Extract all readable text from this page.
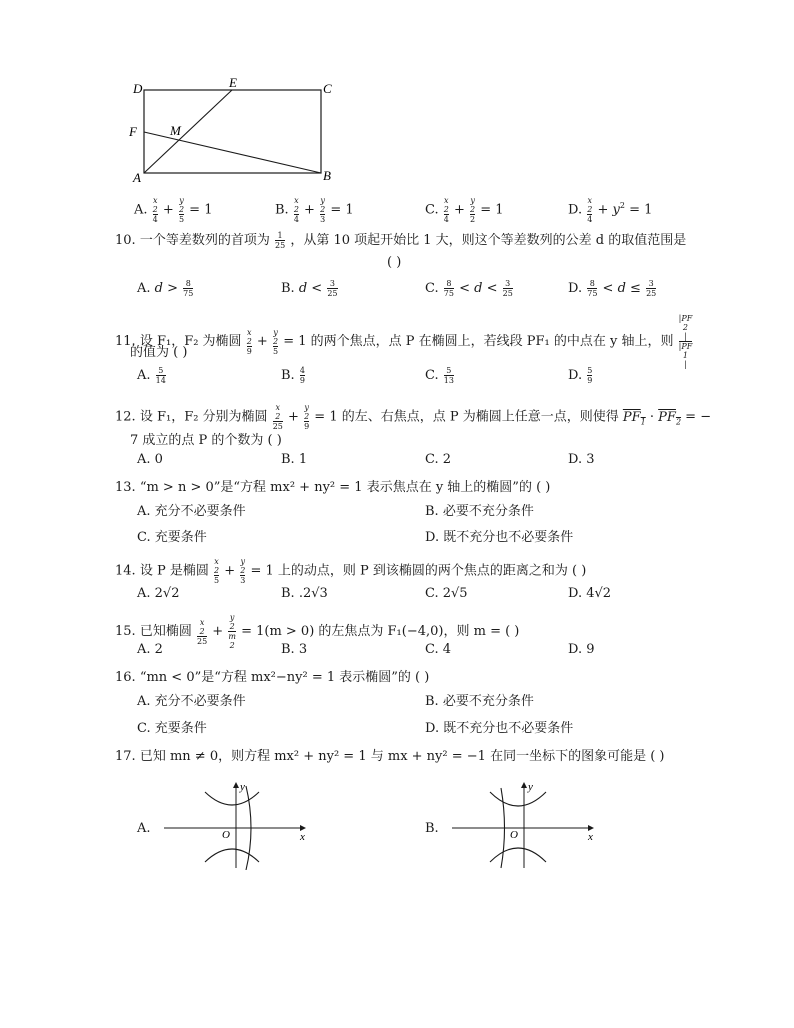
D	E	C
F	M
A	B
A. x
2
4 + y
2
5 = 1	B. x
2
4 + y
2
3 = 1	C. x
2
4 + y
2
2 = 1	D. x
2
$4 + y^2 = 1$
10. 一个等差数列的首项为 $\frac{1}{25}$ ，从第 10 项起开始比 1 大，则这个等差数列的公差 d 的取值范围是
( )
A. $d > \frac{8}{75}$	B. $d < \frac{3}{25}$	C. $\frac{8}{75} < d < \frac{3}{25}$	D. $\frac{8}{75} < d \le \frac{3}{25}$
11. 设 F₁，F₂ 为椭圆 x
2
9 + y
2
5 = 1 的两个焦点，点 P 在椭圆上，若线段 PF₁ 的中点在 y 轴上，则 |PF
2
|
|PF
1
|
的值为 ( )
A. $\frac{5}{14}$	B. $\frac{4}{9}$	C. $\frac{5}{13}$	D. $\frac{5}{9}$
12. 设 F₁，F₂ 分别为椭圆 x
2
25 + y
2
9 = 1 的左、右焦点，点 P 为椭圆上任意一点，则使得 $PF_1 \cdot PF_2$ = −
7 成立的点 P 的个数为 ( )
A. 0	B. 1	C. 2	D. 3
13. “m > n > 0”是“方程 mx² + ny² = 1 表示焦点在 y 轴上的椭圆”的 ( )
A. 充分不必要条件	B. 必要不充分条件
C. 充要条件	D. 既不充分也不必要条件
14. 设 P 是椭圆 x
2
5 + y
2
3 = 1 上的动点，则 P 到该椭圆的两个焦点的距离之和为 ( )
A. 2√2	B. .2√3	C. 2√5	D. 4√2
15. 已知椭圆 x
2
25 + y
2
m
2 = 1(m > 0) 的左焦点为 F₁(−4,0)，则 m = ( )
A. 2	B. 3	C. 4	D. 9
16. “mn < 0”是“方程 mx²−ny² = 1 表示椭圆”的 ( )
A. 充分不必要条件	B. 必要不充分条件
C. 充要条件	D. 既不充分也不必要条件
17. 已知 mn ≠ 0，则方程 mx² + ny² = 1 与 mx + ny² = −1 在同一坐标下的图象可能是 ( )
A.
x
y
O	B.
x
y
O
